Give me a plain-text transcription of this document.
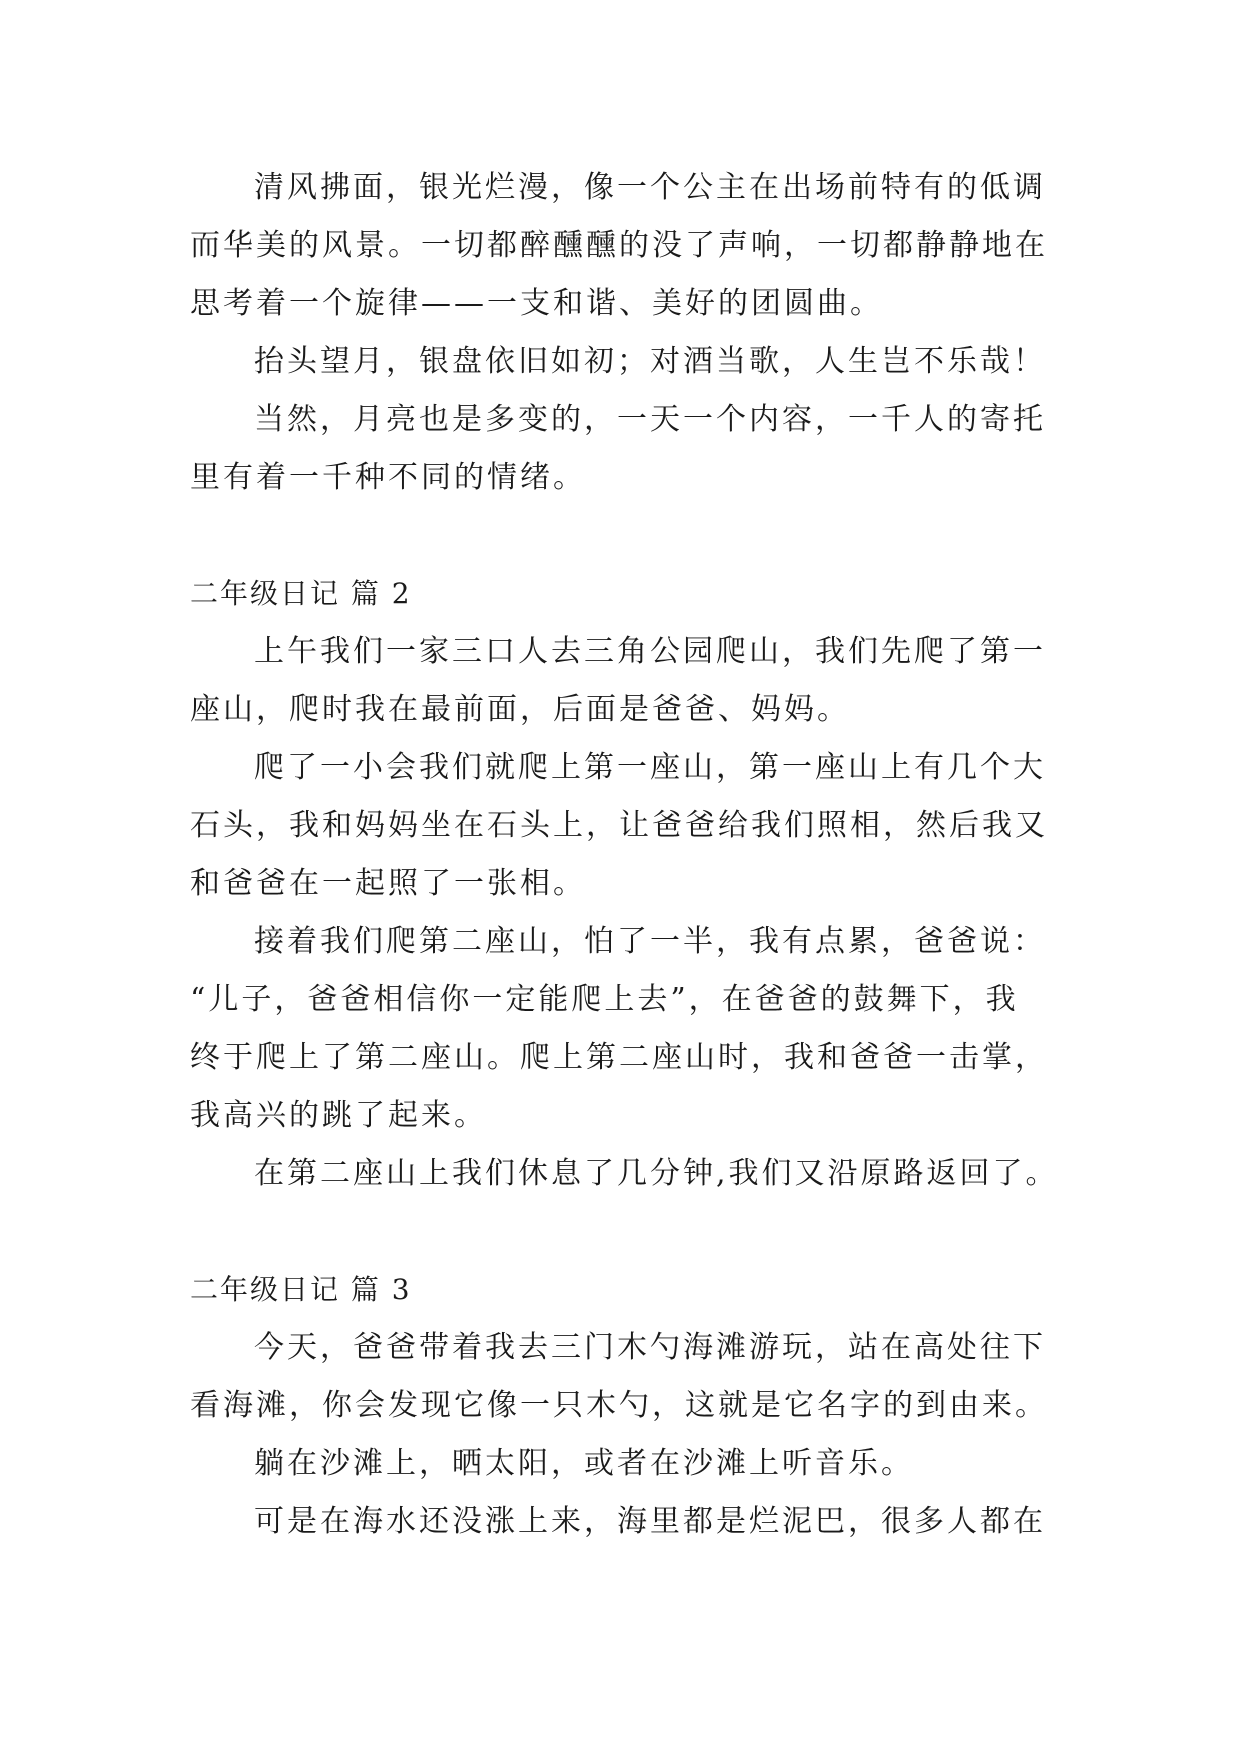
清风拂面，银光烂漫，像一个公主在出场前特有的低调
而华美的风景。一切都醉醺醺的没了声响，一切都静静地在
思考着一个旋律——一支和谐、美好的团圆曲。
抬头望月，银盘依旧如初；对酒当歌，人生岂不乐哉！
当然，月亮也是多变的，一天一个内容，一千人的寄托
里有着一千种不同的情绪。
二年级日记 篇 2
上午我们一家三口人去三角公园爬山，我们先爬了第一
座山，爬时我在最前面，后面是爸爸、妈妈。
爬了一小会我们就爬上第一座山，第一座山上有几个大
石头，我和妈妈坐在石头上，让爸爸给我们照相，然后我又
和爸爸在一起照了一张相。
接着我们爬第二座山，怕了一半，我有点累，爸爸说：
“儿子，爸爸相信你一定能爬上去”，在爸爸的鼓舞下，我
终于爬上了第二座山。爬上第二座山时，我和爸爸一击掌，
我高兴的跳了起来。
在第二座山上我们休息了几分钟,我们又沿原路返回了。
二年级日记 篇 3
今天，爸爸带着我去三门木勺海滩游玩，站在高处往下
看海滩，你会发现它像一只木勺，这就是它名字的到由来。
躺在沙滩上，晒太阳，或者在沙滩上听音乐。
可是在海水还没涨上来，海里都是烂泥巴，很多人都在
